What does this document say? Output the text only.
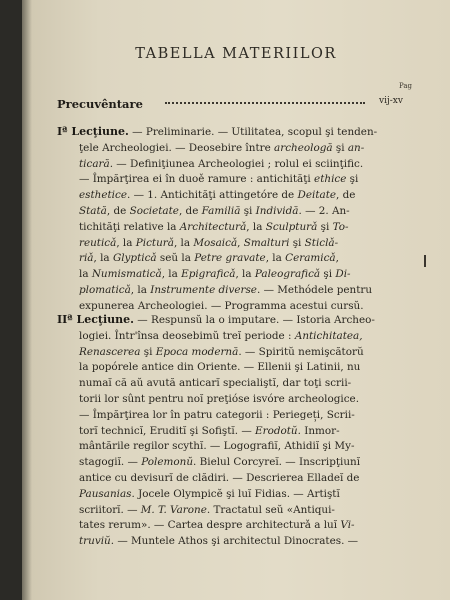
TABELLA MATERIILOR
Pag
Precuvêntare	vij-xv

Iª Lecţiune. — Preliminarie. — Utilitatea, scopul şi tenden-

ţele Archeologiei. — Deosebire între archeologă şi an-

ticară. — Definiţiunea Archeologiei ; rolul ei sciinţific.

— Împărţirea ei în duoě ramure : antichităţi ethice şi

esthetice. — 1. Antichităţi attingetóre de Deitate, de

Stată, de Societate, de Familiă şi Individă. — 2. An-

tichităţi relative la Architecturǎ, la Sculpturǎ şi To-

reuticǎ, la Picturǎ, la Mosaicǎ, Smalturi şi Sticlǎ-

riǎ, la Glypticǎ seŭ la Petre gravate, la Ceramicǎ,

la Numismaticǎ, la Epigraficǎ, la Paleograficǎ şi Di-

plomaticǎ, la Instrumente diverse. — Methódele pentru

expunerea Archeologiei. — Programma acestui cursŭ.

IIª Lecţiune. — Respunsŭ la o imputare. — Istoria Archeo-

logiei. Într'însa deosebimŭ treĭ periode : Antichitatea,

Renascerea şi Epoca modernă. — Spiritŭ nemişcătorŭ

la popórele antice din Oriente. — Ellenii şi Latinii, nu

numaĭ că aŭ avută anticarĭ specialiştĭ, dar toţi scrii-

torii lor sûnt pentru noĭ preţióse isvóre archeologice.

— Împărţirea lor în patru categorii : Perieget̹i, Scrii-

torĭ technicĭ, Eruditĭ şi Sofiştĭ. — Erodotŭ. Inmor-

mântările regilor scythĭ. — Logografiĭ, Athidiĭ şi My-

stagogiĭ. — Polemonŭ. Bielul Corcyreĭ. — Inscripţiunĭ

antice cu devisurĭ de clădiri. — Descrierea Elladeĭ de

Pausanias. Jocele Olympicĕ şi luĭ Fidias. — Artiştĭ

scriitorĭ. — M. T. Varone. Tractatul seŭ «Antiqui-

tates rerum». — Cartea despre architecturǎ a luĭ Vi-

truviŭ. — Muntele Athos şi architectul Dinocrates. —
